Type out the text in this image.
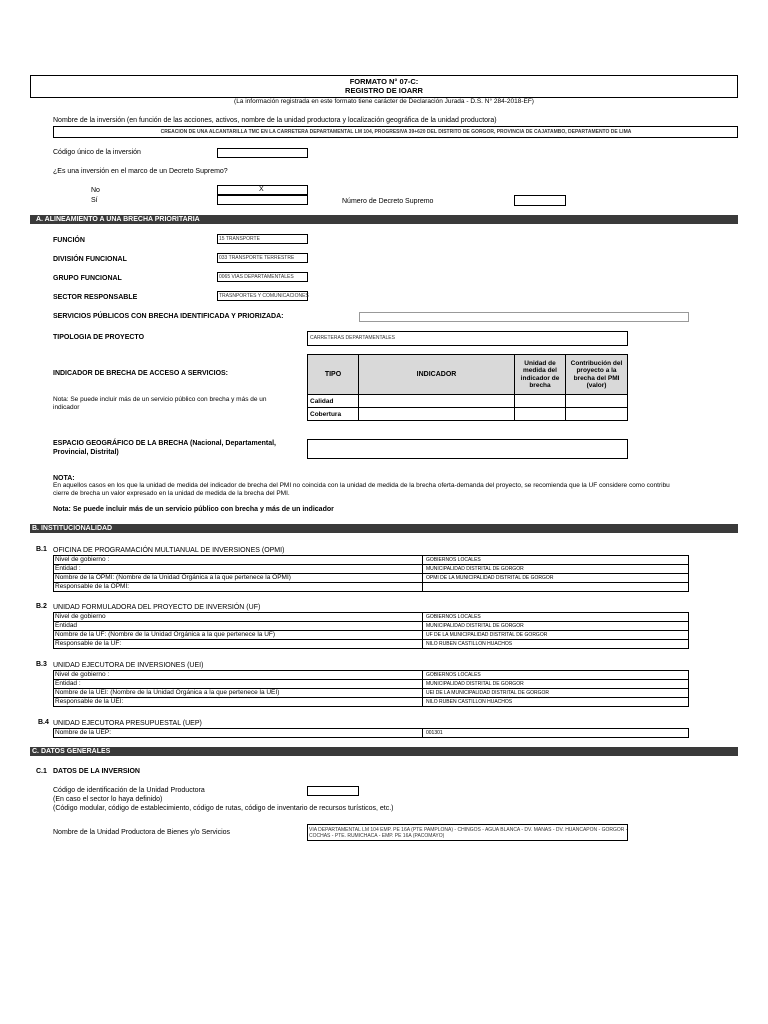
FORMATO N° 07-C:
REGISTRO DE IOARR
(La información registrada en este formato tiene carácter de Declaración Jurada - D.S. N° 284-2018-EF)
Nombre de la inversión (en función de las acciones, activos, nombre de la unidad productora y localización geográfica de la unidad productora)
CREACION DE UNA ALCANTARILLA TMC EN LA CARRETERA DEPARTAMENTAL LM 104, PROGRESIVA 39+620 DEL DISTRITO DE GORGOR, PROVINCIA DE CAJATAMBO, DEPARTAMENTO DE LIMA
Código único de la inversión
¿Es una inversión en el marco de un Decreto Supremo?
No	X
Sí	Número de Decreto Supremo
A. ALINEAMIENTO A UNA BRECHA PRIORITARIA
FUNCIÓN	15 TRANSPORTE
DIVISIÓN FUNCIONAL	033 TRANSPORTE TERRESTRE
GRUPO FUNCIONAL	0065 VÍAS DEPARTAMENTALES
SECTOR RESPONSABLE	TRASNPORTES Y COMUNICACIONES
SERVICIOS PÚBLICOS CON BRECHA IDENTIFICADA Y PRIORIZADA:
TIPOLOGIA DE PROYECTO	CARRETERAS DEPARTAMENTALES
INDICADOR DE BRECHA DE ACCESO A SERVICIOS:
Nota: Se puede incluir más de un servicio público con brecha y más de un
indicador
TIPO	INDICADOR	Unidad de medida del indicador de brecha	Contribución del proyecto a la brecha del PMI (valor)
Calidad			
Cobertura			
ESPACIO GEOGRÁFICO DE LA BRECHA (Nacional, Departamental, Provincial, Distrital)
NOTA:
En aquellos casos en los que la unidad de medida del indicador de brecha del PMI no coincida con la unidad de medida de la brecha oferta-demanda del proyecto, se recomienda que la UF considere como contribu
cierre de brecha un valor expresado en la unidad de medida de la brecha del PMI.
Nota: Se puede incluir más de un servicio público con brecha y más de un indicador
B. INSTITUCIONALIDAD
B.1 OFICINA DE PROGRAMACIÓN MULTIANUAL DE INVERSIONES (OPMI)
Nivel de gobierno :	GOBIERNOS LOCALES
Entidad :	MUNICIPALIDAD DISTRITAL DE GORGOR
Nombre de la OPMI: (Nombre de la Unidad Orgánica a la que pertenece la OPMI)	OPMI DE LA MUNICIPALIDAD DISTRITAL DE GORGOR
Responsable de la OPMI:
B.2 UNIDAD FORMULADORA DEL PROYECTO DE INVERSIÓN (UF)
Nivel de gobierno	GOBIERNOS LOCALES
Entidad	MUNICIPALIDAD DISTRITAL DE GORGOR
Nombre de la UF: (Nombre de la Unidad Orgánica a la que pertenece la UF)	UF DE LA MUNICIPALIDAD DISTRITAL DE GORGOR
Responsable de la UF:	NILO RUBEN CASTILLON HUACHOS
B.3 UNIDAD EJECUTORA DE INVERSIONES (UEI)
Nivel de gobierno :	GOBIERNOS LOCALES
Entidad :	MUNICIPALIDAD DISTRITAL DE GORGOR
Nombre de la UEI: (Nombre de la Unidad Orgánica a la que pertenece la UEI)	UEI DE LA MUNICIPALIDAD DISTRITAL DE GORGOR
Responsable de la UEI:	NILO RUBEN CASTILLON HUACHOS
B.4 UNIDAD EJECUTORA PRESUPUESTAL (UEP)
Nombre de la UEP:	001301
C. DATOS GENERALES
C.1 DATOS DE LA INVERSION
Código de identificación de la Unidad Productora
(En caso el sector lo haya definido)
(Código modular, código de establecimiento, código de rutas, código de inventario de recursos turísticos, etc.)
Nombre de la Unidad Productora de Bienes y/o Servicios	VÍA DEPARTAMENTAL LM 104 EMP. PE 16A (PTE PAMPLONA) - CHINGOS - AGUA BLANCA - DV. MANAS - DV. HUANCAPON - GORGOR -
COCHAS - PTE. RUMICHACA - EMP. PE 16A (PACOMAYO)
